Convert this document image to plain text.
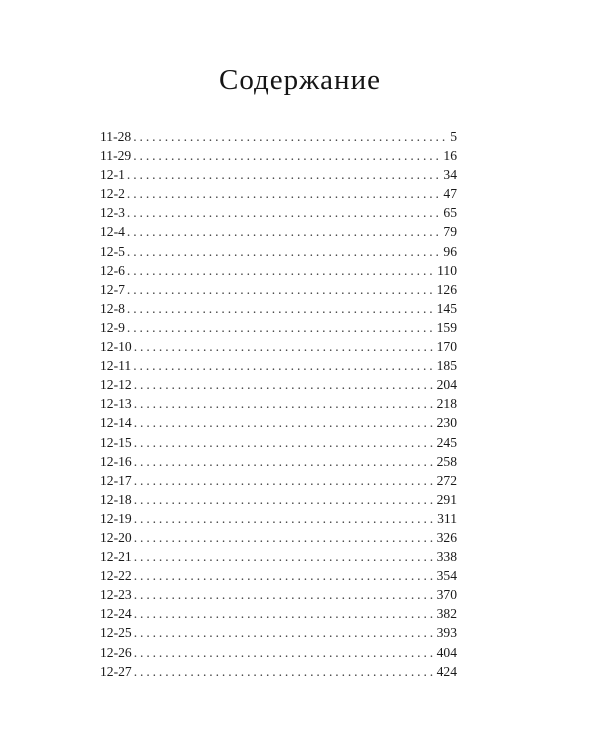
Содержание
11-28 .....	5
11-29 .....	16
12-1 .....	34
12-2 .....	47
12-3 .....	65
12-4 .....	79
12-5 .....	96
12-6 .....	110
12-7 .....	126
12-8 .....	145
12-9 .....	159
12-10 .....	170
12-11 .....	185
12-12 .....	204
12-13 .....	218
12-14 .....	230
12-15 .....	245
12-16 .....	258
12-17 .....	272
12-18 .....	291
12-19 .....	311
12-20 .....	326
12-21 .....	338
12-22 .....	354
12-23 .....	370
12-24 .....	382
12-25 .....	393
12-26 .....	404
12-27 .....	424
